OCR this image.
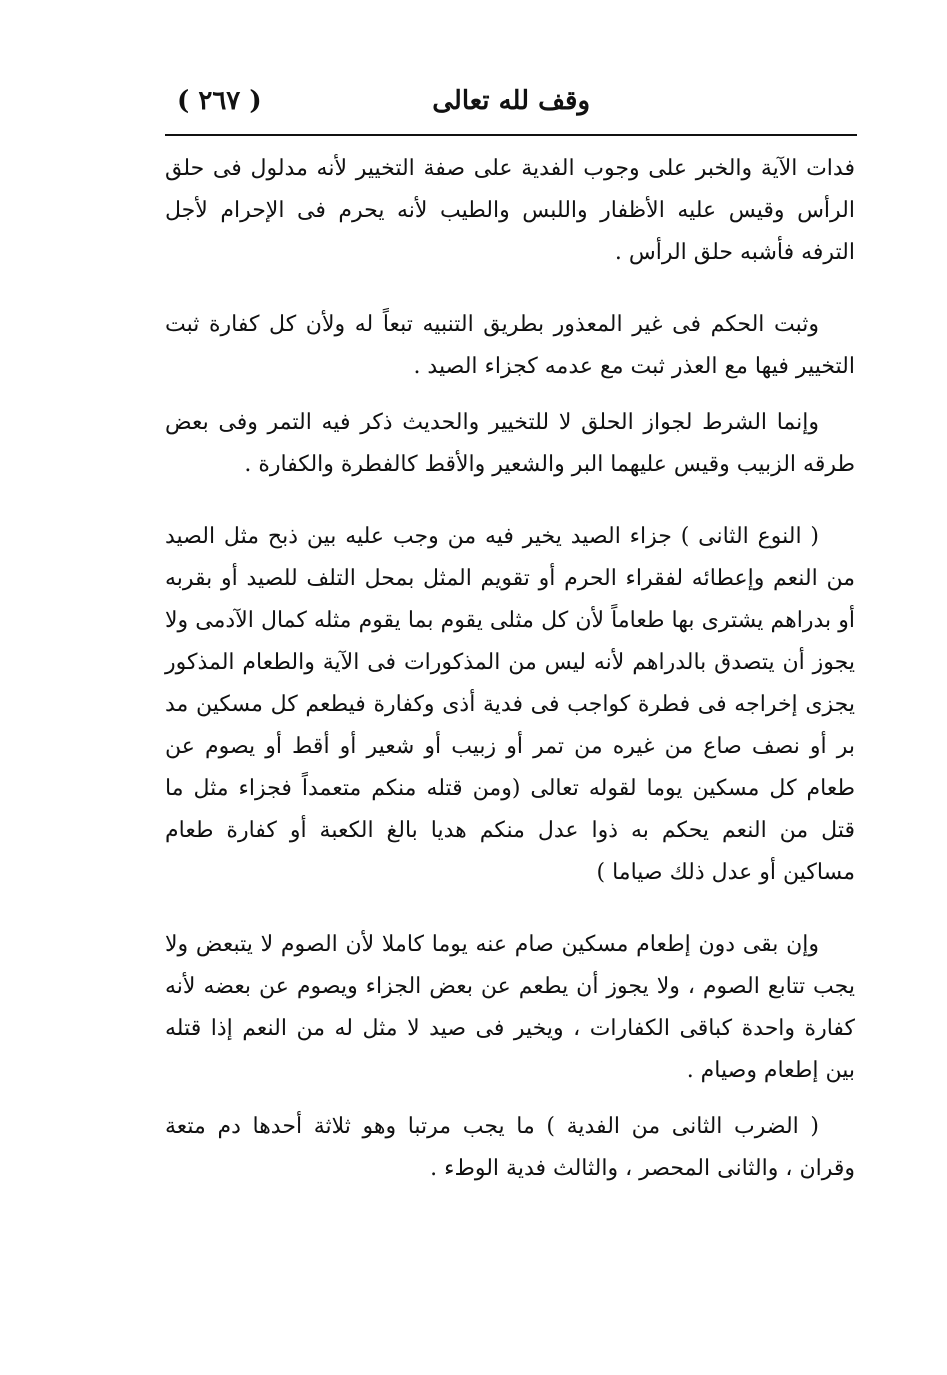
وقف لله تعالى
( ٢٦٧ )

فدات الآية والخبر على وجوب الفدية على صفة التخيير لأنه مدلول فى حلق الرأس وقيس عليه الأظفار واللبس والطيب لأنه يحرم فى الإحرام لأجل الترفه فأشبه حلق الرأس .

وثبت الحكم فى غير المعذور بطريق التنبيه تبعاً له ولأن كل كفارة ثبت التخيير فيها مع العذر ثبت مع عدمه كجزاء الصيد .

وإنما الشرط لجواز الحلق لا للتخيير والحديث ذكر فيه التمر وفى بعض طرقه الزبيب وقيس عليهما البر والشعير والأقط كالفطرة والكفارة .

( النوع الثانى ) جزاء الصيد يخير فيه من وجب عليه بين ذبح مثل الصيد من النعم وإعطائه لفقراء الحرم أو تقويم المثل بمحل التلف للصيد أو بقربه أو بدراهم يشترى بها طعاماً لأن كل مثلى يقوم بما يقوم مثله كمال الآدمى ولا يجوز أن يتصدق بالدراهم لأنه ليس من المذكورات فى الآية والطعام المذكور يجزى إخراجه فى فطرة كواجب فى فدية أذى وكفارة فيطعم كل مسكين مد بر أو نصف صاع من غيره من تمر أو زبيب أو شعير أو أقط أو يصوم عن طعام كل مسكين يوما لقوله تعالى (ومن قتله منكم متعمداً فجزاء مثل ما قتل من النعم يحكم به ذوا عدل منكم هديا بالغ الكعبة أو كفارة طعام مساكين أو عدل ذلك صياما )

وإن بقى دون إطعام مسكين صام عنه يوما كاملا لأن الصوم لا يتبعض ولا يجب تتابع الصوم ، ولا يجوز أن يطعم عن بعض الجزاء ويصوم عن بعضه لأنه كفارة واحدة كباقى الكفارات ، ويخير فى صيد لا مثل له من النعم إذا قتله بين إطعام وصيام .

( الضرب الثانى من الفدية ) ما يجب مرتبا وهو ثلاثة أحدها دم متعة وقران ، والثانى المحصر ، والثالث فدية الوطء .
